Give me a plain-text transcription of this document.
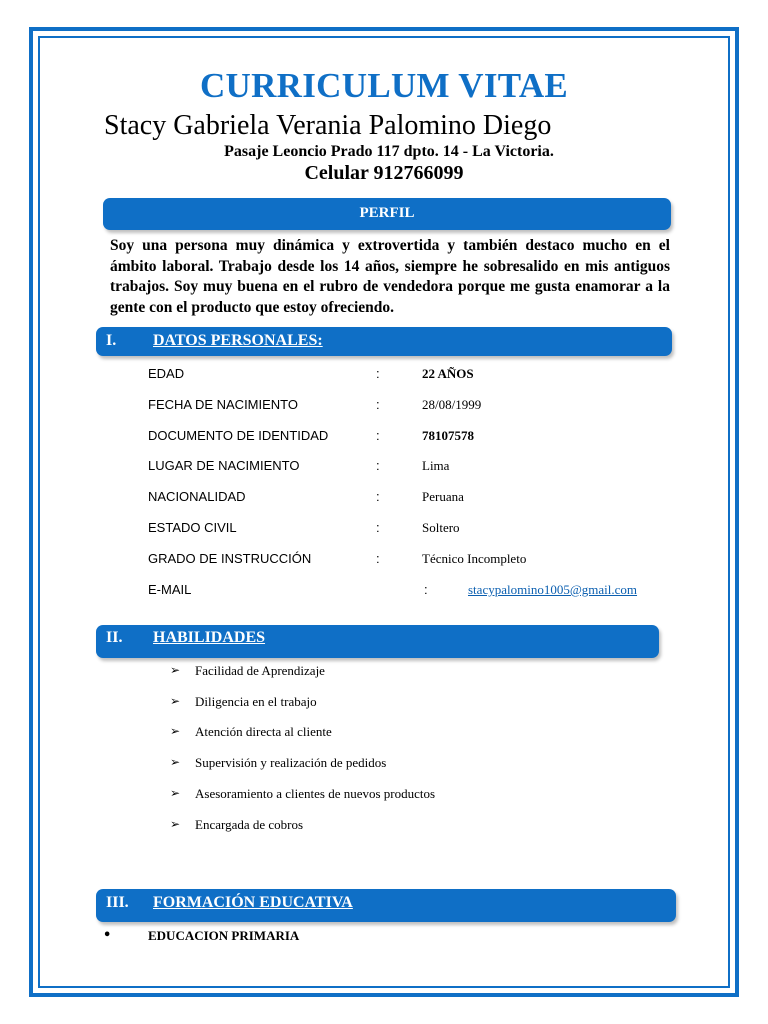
CURRICULUM VITAE
Stacy Gabriela Verania Palomino Diego
Pasaje Leoncio Prado 117 dpto. 14 - La Victoria.
Celular 912766099
PERFIL
Soy una persona muy dinámica y extrovertida y también destaco mucho en el ámbito laboral. Trabajo desde los 14 años, siempre he sobresalido en mis antiguos trabajos. Soy muy buena en el rubro de vendedora porque me gusta enamorar a la gente con el producto que estoy ofreciendo.
I. DATOS PERSONALES:
EDAD	:	22 AÑOS
FECHA DE NACIMIENTO	:	28/08/1999
DOCUMENTO DE IDENTIDAD	:	78107578
LUGAR DE NACIMIENTO	:	Lima
NACIONALIDAD	:	Peruana
ESTADO CIVIL	:	Soltero
GRADO DE INSTRUCCIÓN	:	Técnico Incompleto
E-MAIL	:	stacypalomino1005@gmail.com
II. HABILIDADES
➢ Facilidad de Aprendizaje
➢ Diligencia en el trabajo
➢ Atención directa al cliente
➢ Supervisión y realización de pedidos
➢ Asesoramiento a clientes de nuevos productos
➢ Encargada de cobros
III. FORMACIÓN EDUCATIVA
•	EDUCACION PRIMARIA
